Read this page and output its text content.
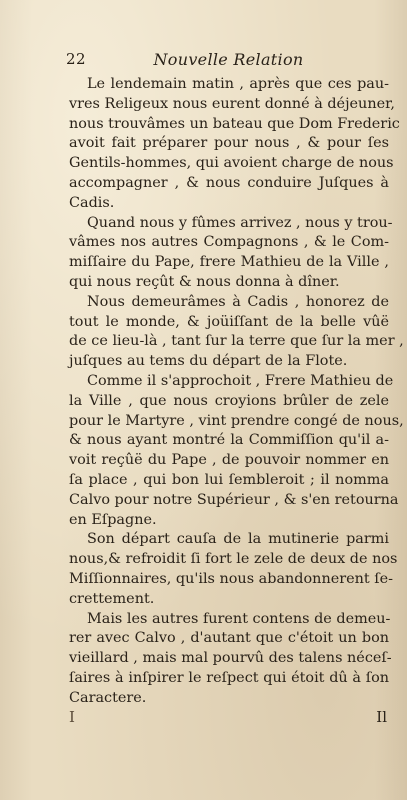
22	Nouvelle Relation
Le lendemain matin , après que ces pau-
vres Religeux nous eurent donné à déjeuner,
nous trouvâmes un bateau que Dom Frederic
avoit fait préparer pour nous , & pour ſes
Gentils-hommes, qui avoient charge de nous
accompagner , & nous conduire Juſques à
Cadis.
Quand nous y fûmes arrivez , nous y trou-
vâmes nos autres Compagnons , & le Com-
miſſaire du Pape, frere Mathieu de la Ville ,
qui nous reçût & nous donna à dîner.
Nous demeurâmes à Cadis , honorez de
tout le monde, & joüiſſant de la belle vûë
de ce lieu-là , tant ſur la terre que ſur la mer ,
juſques au tems du départ de la Flote.
Comme il s'approchoit , Frere Mathieu de
la Ville , que nous croyions brûler de zele
pour le Martyre , vint prendre congé de nous,
& nous ayant montré la Commiſſion qu'il a-
voit reçûë du Pape , de pouvoir nommer en
ſa place , qui bon lui ſembleroit ; il nomma
Calvo pour notre Supérieur , & s'en retourna
en Eſpagne.
Son départ cauſa de la mutinerie parmi
nous,& refroidit ſi fort le zele de deux de nos
Miſſionnaires, qu'ils nous abandonnerent ſe-
crettement.
Mais les autres furent contens de demeu-
rer avec Calvo , d'autant que c'étoit un bon
vieillard , mais mal pourvû des talens néceſ-
ſaires à inſpirer le reſpect qui étoit dû à ſon
Caractere.
I	Il
